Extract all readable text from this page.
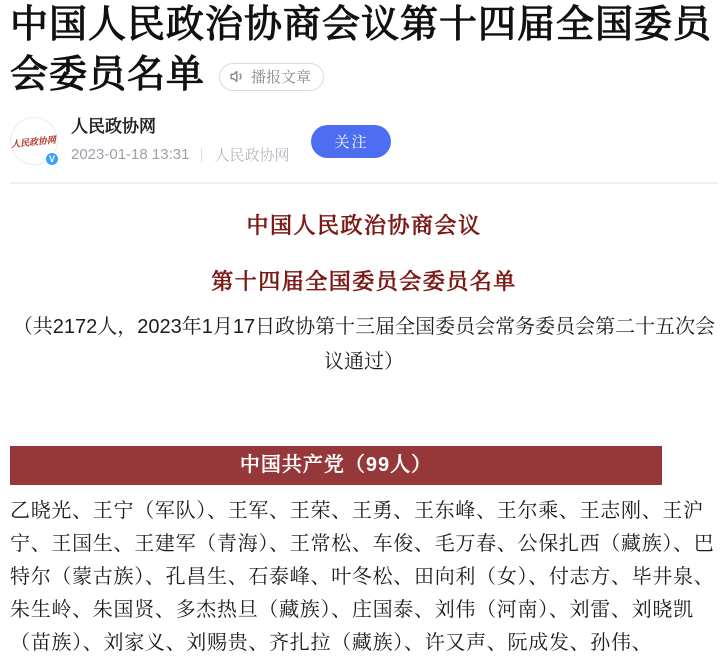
中国人民政治协商会议第十四届全国委员会委员名单	播报文章
人民政协网
V
人民政协网
2023-01-18 13:31 人民政协网
关注

中国人民政治协商会议

第十四届全国委员会委员名单

（共2172人，2023年1月17日政协第十三届全国委员会常务委员会第二十五次会议通过）

中国共产党（99人）

乙晓光、王宁（军队）、王军、王荣、王勇、王东峰、王尔乘、王志刚、王沪宁、王国生、王建军（青海）、王常松、车俊、毛万春、公保扎西（藏族）、巴特尔（蒙古族）、孔昌生、石泰峰、叶冬松、田向利（女）、付志方、毕井泉、朱生岭、朱国贤、多杰热旦（藏族）、庄国泰、刘伟（河南）、刘雷、刘晓凯（苗族）、刘家义、刘赐贵、齐扎拉（藏族）、许又声、阮成发、孙伟、
